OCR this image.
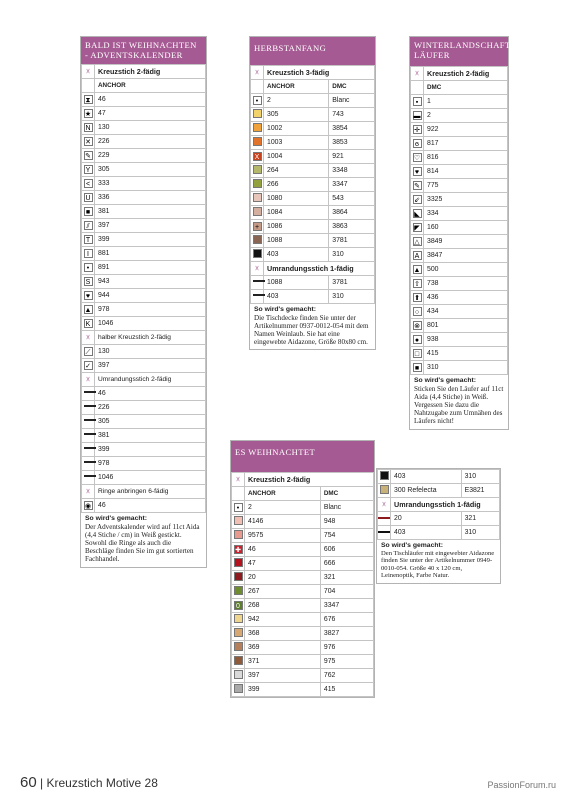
BALD IST WEIHNACHTEN - ADVENTSKALENDER
☓	Kreuzstich 2-fädig
	ANCHOR
⧗	46
★	47
N	130
✕	226
✎	229
Y	305
<	333
U	336
■	381
⫽	397
T	399
I	881
•	891
S	943
♥	944
▲	978
K	1046
☓	halber Kreuzstich 2-fädig
⟋	130
✓	397
☓	Umrandungsstich 2-fädig
	46
	226
	305
	381
	399
	978
	1046
☓	Ringe anbringen 6-fädig
◉	46
So wird's gemacht:
Der Adventskalender wird auf 11ct Aida (4,4 Stiche / cm) in Weiß gestickt. Sowohl die Ringe als auch die Beschläge finden Sie im gut sortierten Fachhandel.
HERBSTANFANG
☓	Kreuzstich 3-fädig	
	ANCHOR	DMC
•	2	Blanc
	305	743
	1002	3854
	1003	3853
X	1004	921
	264	3348
	266	3347
	1080	543
	1084	3864
+	1086	3863
	1088	3781
	403	310
☓	Umrandungsstich 1-fädig	
	1088	3781
	403	310
So wird's gemacht:
Die Tischdecke finden Sie unter der Artikelnummer 0937-0012-054 mit dem Namen Weinlaub. Sie hat eine eingewebte Aidazone, Größe 80x80 cm.
WINTERLANDSCHAFT-LÄUFER
☓	Kreuzstich 2-fädig
	DMC
▪	1
▬	2
✛	922
ϭ	817
♡	816
♥	814
✎	775
⇙	3325
◣	334
◤	160
△	3849
A	3847
▲	500
⇧	738
⬆	436
○	434
⊗	801
●	938
□	415
■	310
So wird's gemacht:
Sticken Sie den Läufer auf 11ct Aida (4,4 Stiche) in Weiß. Vergessen Sie dazu die Nahtzugabe zum Umnähen des Läufers nicht!
ES WEIHNACHTET
☓	Kreuzstich 2-fädig	
	ANCHOR	DMC
•	2	Blanc
	4146	948
	9575	754
✚	46	606
	47	666
	20	321
	267	704
0	268	3347
	942	676
	368	3827
	369	976
	371	975
	397	762
	399	415
	403	310
	300 Refelecta	E3821
☓	Umrandungsstich 1-fädig	
	20	321
	403	310
So wird's gemacht:
Den Tischläufer mit eingewebter Aidazone finden Sie unter der Artikelnummer 0949-0010-054. Größe 40 x 120 cm, Leinenoptik, Farbe Natur.
60 | Kreuzstich Motive 28	PassionForum.ru
